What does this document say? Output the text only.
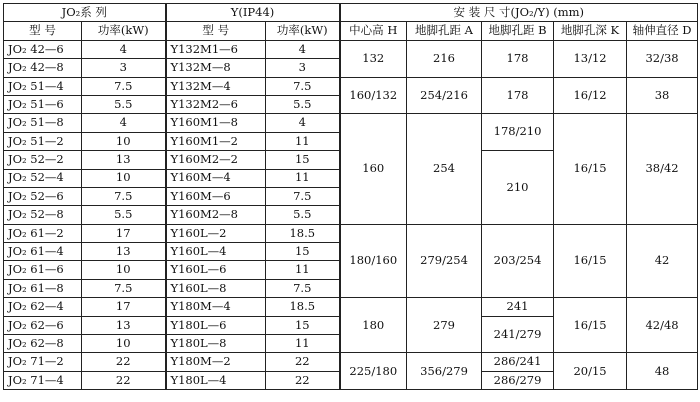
JO₂系 列		Y(IP44)		安 装 尺 寸(JO₂/Y) (mm)				
型 号	功率(kW)	型 号	功率(kW)	中心高 H	地脚孔距 A	地脚孔距 B	地脚孔深 K	轴伸直径 D
JO₂ 42—6	4	Y132M1—6	4	132	216	178	13/12	32/38
JO₂ 42—8	3	Y132M—8	3					
JO₂ 51—4	7.5	Y132M—4	7.5	160/132	254/216	178	16/12	38
JO₂ 51—6	5.5	Y132M2—6	5.5					
JO₂ 51—8	4	Y160M1—8	4	160	254	178/210	16/15	38/42
JO₂ 51—2	10	Y160M1—2	11					
JO₂ 52—2	13	Y160M2—2	15			210		
JO₂ 52—4	10	Y160M—4	11					
JO₂ 52—6	7.5	Y160M—6	7.5					
JO₂ 52—8	5.5	Y160M2—8	5.5					
JO₂ 61—2	17	Y160L—2	18.5	180/160	279/254	203/254	16/15	42
JO₂ 61—4	13	Y160L—4	15					
JO₂ 61—6	10	Y160L—6	11					
JO₂ 61—8	7.5	Y160L—8	7.5					
JO₂ 62—4	17	Y180M—4	18.5	180	279	241	16/15	42/48
JO₂ 62—6	13	Y180L—6	15			241/279		
JO₂ 62—8	10	Y180L—8	11					
JO₂ 71—2	22	Y180M—2	22	225/180	356/279	286/241	20/15	48
JO₂ 71—4	22	Y180L—4	22			286/279		
